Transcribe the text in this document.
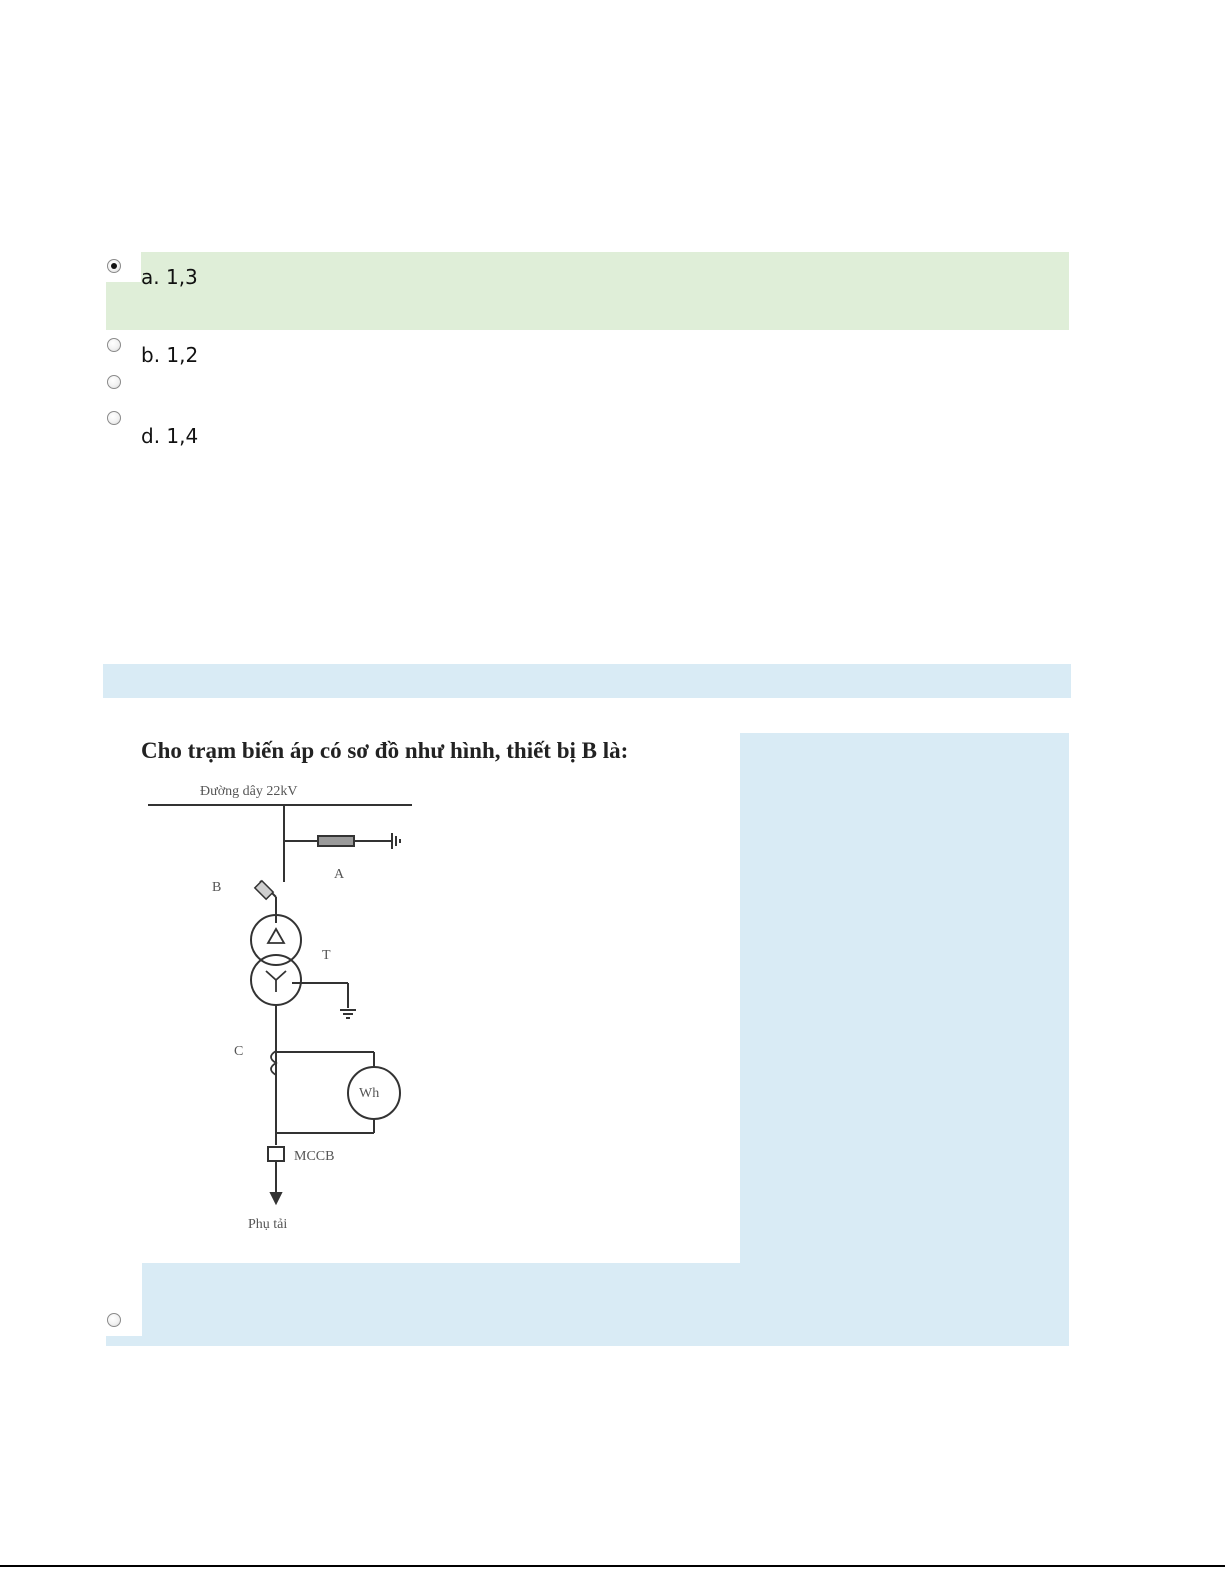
a. 1,3
b. 1,2
d. 1,4
Cho trạm biến áp có sơ đồ như hình, thiết bị B là:
Đường dây 22kV
A
B
T
C
Wh
MCCB
Phụ tải
